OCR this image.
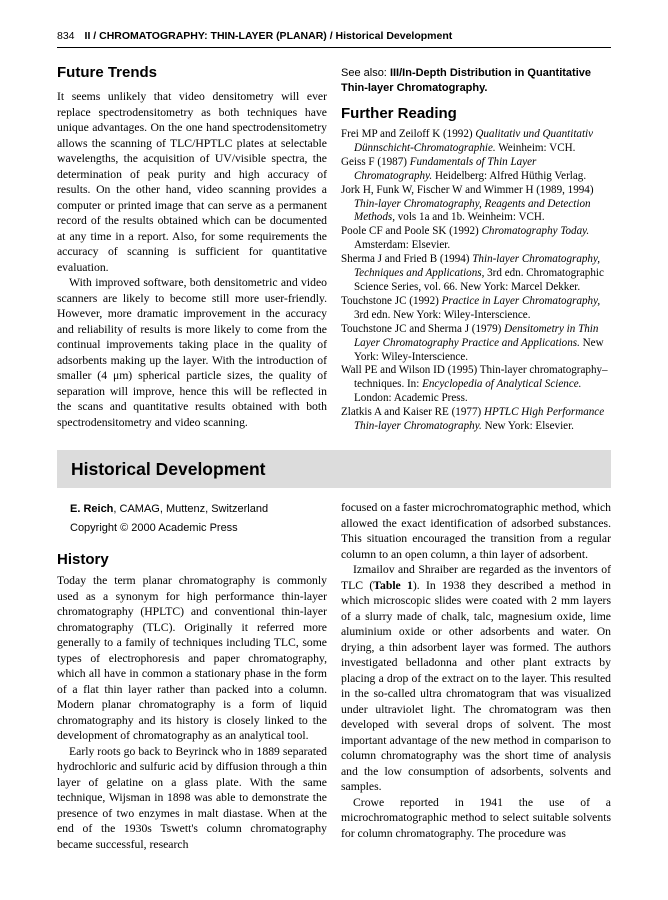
834 II / CHROMATOGRAPHY: THIN-LAYER (PLANAR) / Historical Development
Future Trends

It seems unlikely that video densitometry will ever replace spectrodensitometry as both techniques have unique advantages. On the one hand spectrodensitometry allows the scanning of TLC/HPTLC plates at selectable wavelengths, the acquisition of UV/visible spectra, the determination of peak purity and high accuracy of results. On the other hand, video scanning provides a computer or printed image that can serve as a permanent record of the results obtained which can be documented at any time in a report. Also, for some requirements the accuracy of scanning is sufficient for quantitative evaluation.

With improved software, both densitometric and video scanners are likely to become still more user-friendly. However, more dramatic improvement in the accuracy and reliability of results is more likely to come from the continual improvements taking place in the quality of adsorbents making up the layer. With the introduction of smaller (4 μm) spherical particle sizes, the quality of separation will improve, hence this will be reflected in the scans and quantitative results obtained with both spectrodensitometry and video scanning.

See also: III/In-Depth Distribution in Quantitative Thin-layer Chromatography.
Further Reading

Frei MP and Zeiloff K (1992) Qualitativ und Quantitativ Dünnschicht-Chromatographie. Weinheim: VCH.

Geiss F (1987) Fundamentals of Thin Layer Chromatography. Heidelberg: Alfred Hüthig Verlag.

Jork H, Funk W, Fischer W and Wimmer H (1989, 1994) Thin-layer Chromatography, Reagents and Detection Methods, vols 1a and 1b. Weinheim: VCH.

Poole CF and Poole SK (1992) Chromatography Today. Amsterdam: Elsevier.

Sherma J and Fried B (1994) Thin-layer Chromatography, Techniques and Applications, 3rd edn. Chromatographic Science Series, vol. 66. New York: Marcel Dekker.

Touchstone JC (1992) Practice in Layer Chromatography, 3rd edn. New York: Wiley-Interscience.

Touchstone JC and Sherma J (1979) Densitometry in Thin Layer Chromatography Practice and Applications. New York: Wiley-Interscience.

Wall PE and Wilson ID (1995) Thin-layer chromatography–techniques. In: Encyclopedia of Analytical Science. London: Academic Press.

Zlatkis A and Kaiser RE (1977) HPTLC High Performance Thin-layer Chromatography. New York: Elsevier.

Historical Development
E. Reich, CAMAG, Muttenz, Switzerland
Copyright © 2000 Academic Press
History

Today the term planar chromatography is commonly used as a synonym for high performance thin-layer chromatography (HPLTC) and conventional thin-layer chromatography (TLC). Originally it referred more generally to a family of techniques including TLC, some types of electrophoresis and paper chromatography, which all have in common a stationary phase in the form of a flat thin layer rather than packed into a column. Modern planar chromatography is a form of liquid chromatography and its history is closely linked to the development of chromatography as an analytical tool.

Early roots go back to Beyrinck who in 1889 separated hydrochloric and sulfuric acid by diffusion through a thin layer of gelatine on a glass plate. With the same technique, Wijsman in 1898 was able to demonstrate the presence of two enzymes in malt diastase. When at the end of the 1930s Tswett's column chromatography became successful, research

focused on a faster microchromatographic method, which allowed the exact identification of adsorbed substances. This situation encouraged the transition from a regular column to an open column, a thin layer of adsorbent.

Izmailov and Shraiber are regarded as the inventors of TLC (Table 1). In 1938 they described a method in which microscopic slides were coated with 2 mm layers of a slurry made of chalk, talc, magnesium oxide, lime aluminium oxide or other adsorbents and water. On drying, a thin adsorbent layer was formed. The authors investigated belladonna and other plant extracts by placing a drop of the extract on to the layer. This resulted in the so-called ultra chromatogram that was visualized under ultraviolet light. The chromatogram was then developed with several drops of solvent. The most important advantage of the new method in comparison to column chromatography was the short time of analysis and the low consumption of adsorbents, solvents and samples.

Crowe reported in 1941 the use of a microchromatographic method to select suitable solvents for column chromatography. The procedure was
